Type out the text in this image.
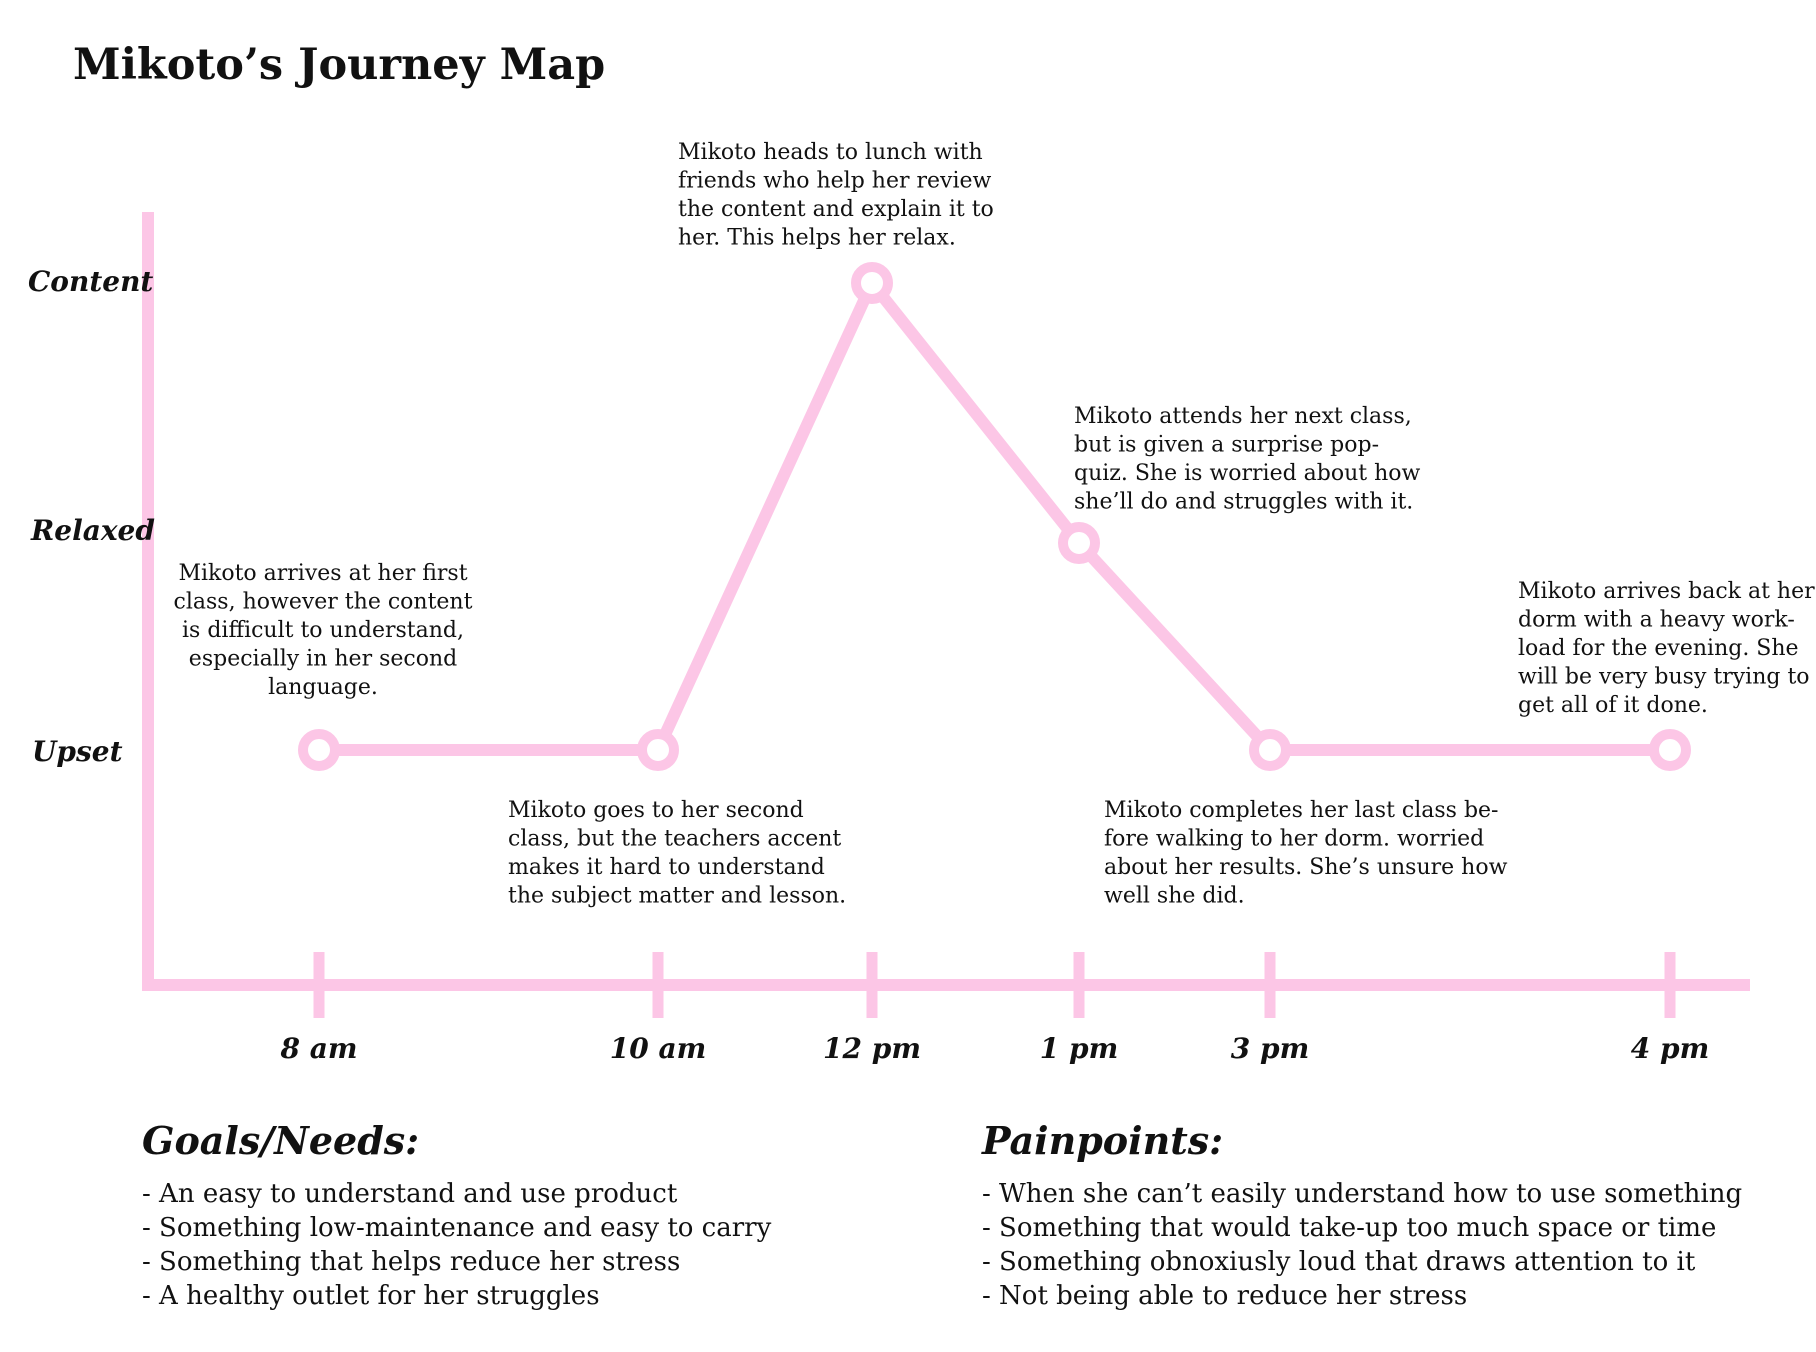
Mikoto’s Journey Map
Upset
Relaxed
Content
8 am	10 am	12 pm	1 pm	3 pm	4 pm
Mikoto arrives at her first class, however the content is difficult to understand, especially in her second language.
Mikoto goes to her second class, but the teachers accent makes it hard to understand the subject matter and lesson.
Mikoto heads to lunch with friends who help her review the content and explain it to her. This helps her relax.
Mikoto attends her next class, but is given a surprise pop-quiz. She is worried about how she’ll do and struggles with it.
Mikoto completes her last class be-fore walking to her dorm. worried about her results. She’s unsure how well she did.
Mikoto arrives back at her dorm with a heavy work-load for the evening. She will be very busy trying to get all of it done.
Goals/Needs:
- An easy to understand and use product
- Something low-maintenance and easy to carry
- Something that helps reduce her stress
- A healthy outlet for her struggles
Painpoints:
- When she can’t easily understand how to use something
- Something that would take-up too much space or time
- Something obnoxiusly loud that draws attention to it
- Not being able to reduce her stress
